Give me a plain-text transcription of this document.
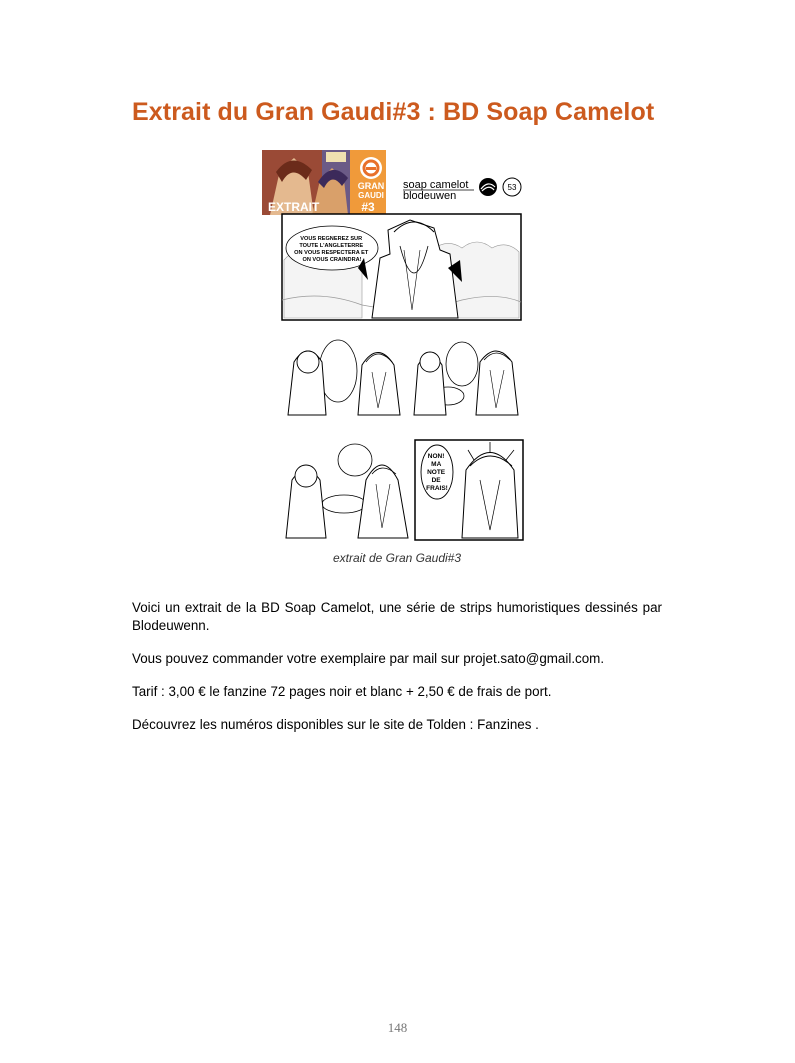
Extrait du Gran Gaudi#3 : BD Soap Camelot
GRAN
GAUDI
#3
EXTRAIT
soap camelot
blodeuwen
53
VOUS REGNEREZ SUR TOUTE L'ANGLETERRE ON VOUS RESPECTERA ET ON VOUS CRAINDRA!
NON! MA NOTE DE FRAIS!
extrait de Gran Gaudi#3

Voici un extrait de la BD Soap Camelot, une série de strips humoristiques dessinés par Blodeuwenn.

Vous pouvez commander votre exemplaire par mail sur projet.sato@gmail.com.

Tarif : 3,00 € le fanzine 72 pages noir et blanc + 2,50 € de frais de port.

Découvrez les numéros disponibles sur le site de Tolden : Fanzines .

148
